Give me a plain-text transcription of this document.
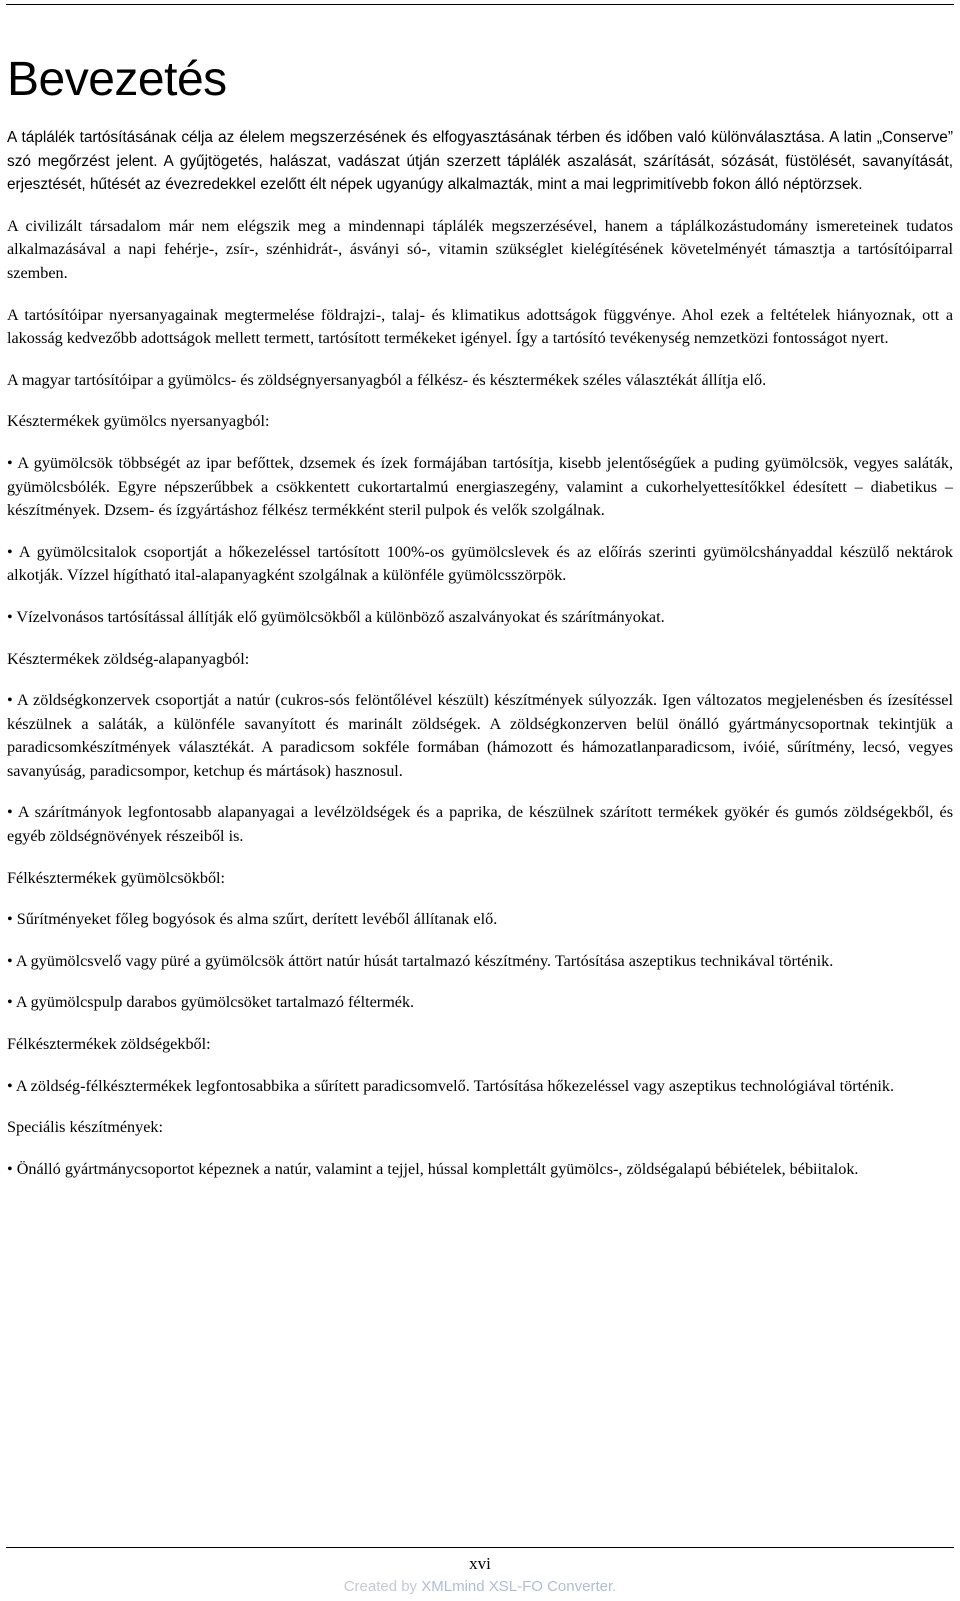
Bevezetés

A táplálék tartósításának célja az élelem megszerzésének és elfogyasztásának térben és időben való különválasztása. A latin „Conserve” szó megőrzést jelent. A gyűjtögetés, halászat, vadászat útján szerzett táplálék aszalását, szárítását, sózását, füstölését, savanyítását, erjesztését, hűtését az évezredekkel ezelőtt élt népek ugyanúgy alkalmazták, mint a mai legprimitívebb fokon álló néptörzsek.

A civilizált társadalom már nem elégszik meg a mindennapi táplálék megszerzésével, hanem a táplálkozástudomány ismereteinek tudatos alkalmazásával a napi fehérje-, zsír-, szénhidrát-, ásványi só-, vitamin szükséglet kielégítésének követelményét támasztja a tartósítóiparral szemben.

A tartósítóipar nyersanyagainak megtermelése földrajzi-, talaj- és klimatikus adottságok függvénye. Ahol ezek a feltételek hiányoznak, ott a lakosság kedvezőbb adottságok mellett termett, tartósított termékeket igényel. Így a tartósító tevékenység nemzetközi fontosságot nyert.

A magyar tartósítóipar a gyümölcs- és zöldségnyersanyagból a félkész- és késztermékek széles választékát állítja elő.

Késztermékek gyümölcs nyersanyagból:

• A gyümölcsök többségét az ipar befőttek, dzsemek és ízek formájában tartósítja, kisebb jelentőségűek a puding gyümölcsök, vegyes saláták, gyümölcsbólék. Egyre népszerűbbek a csökkentett cukortartalmú energiaszegény, valamint a cukorhelyettesítőkkel édesített – diabetikus – készítmények. Dzsem- és ízgyártáshoz félkész termékként steril pulpok és velők szolgálnak.

• A gyümölcsitalok csoportját a hőkezeléssel tartósított 100%-os gyümölcslevek és az előírás szerinti gyümölcshányaddal készülő nektárok alkotják. Vízzel hígítható ital-alapanyagként szolgálnak a különféle gyümölcsszörpök.

• Vízelvonásos tartósítással állítják elő gyümölcsökből a különböző aszalványokat és szárítmányokat.

Késztermékek zöldség-alapanyagból:

• A zöldségkonzervek csoportját a natúr (cukros-sós felöntőlével készült) készítmények súlyozzák. Igen változatos megjelenésben és ízesítéssel készülnek a saláták, a különféle savanyított és marinált zöldségek. A zöldségkonzerven belül önálló gyártmánycsoportnak tekintjük a paradicsomkészítmények választékát. A paradicsom sokféle formában (hámozott és hámozatlanparadicsom, ivóié, sűrítmény, lecsó, vegyes savanyúság, paradicsompor, ketchup és mártások) hasznosul.

• A szárítmányok legfontosabb alapanyagai a levélzöldségek és a paprika, de készülnek szárított termékek gyökér és gumós zöldségekből, és egyéb zöldségnövények részeiből is.

Félkésztermékek gyümölcsökből:

• Sűrítményeket főleg bogyósok és alma szűrt, derített levéből állítanak elő.

• A gyümölcsvelő vagy püré a gyümölcsök áttört natúr húsát tartalmazó készítmény. Tartósítása aszeptikus technikával történik.

• A gyümölcspulp darabos gyümölcsöket tartalmazó féltermék.

Félkésztermékek zöldségekből:

• A zöldség-félkésztermékek legfontosabbika a sűrített paradicsomvelő. Tartósítása hőkezeléssel vagy aszeptikus technológiával történik.

Speciális készítmények:

• Önálló gyártmánycsoportot képeznek a natúr, valamint a tejjel, hússal komplettált gyümölcs-, zöldségalapú bébiételek, bébiitalok.

xvi
Created by XMLmind XSL-FO Converter.
